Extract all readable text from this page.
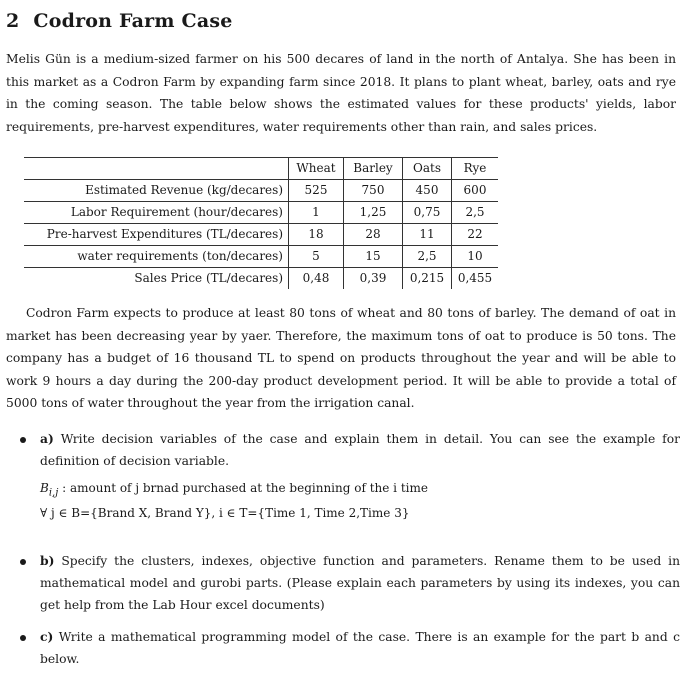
2 Codron Farm Case

Melis Gün is a medium-sized farmer on his 500 decares of land in the north of Antalya. She has been in this market as a Codron Farm by expanding farm since 2018. It plans to plant wheat, barley, oats and rye in the coming season. The table below shows the estimated values for these products' yields, labor requirements, pre-harvest expenditures, water requirements other than rain, and sales prices.

	Wheat	Barley	Oats	Rye
Estimated Revenue (kg/decares)	525	750	450	600
Labor Requirement (hour/decares)	1	1,25	0,75	2,5
Pre-harvest Expenditures (TL/decares)	18	28	11	22
water requirements (ton/decares)	5	15	2,5	10
Sales Price (TL/decares)	0,48	0,39	0,215	0,455

Codron Farm expects to produce at least 80 tons of wheat and 80 tons of barley. The demand of oat in market has been decreasing year by yaer. Therefore, the maximum tons of oat to produce is 50 tons. The company has a budget of 16 thousand TL to spend on products throughout the year and will be able to work 9 hours a day during the 200-day product development period. It will be able to provide a total of 5000 tons of water throughout the year from the irrigation canal.

a) Write decision variables of the case and explain them in detail. You can see the example for definition of decision variable.
$B_{i,j}$ : amount of j brnad purchased at the beginning of the i time
∀ j ∈ B={Brand X, Brand Y}, i ∈ T={Time 1, Time 2,Time 3}
b) Specify the clusters, indexes, objective function and parameters. Rename them to be used in mathematical model and gurobi parts. (Please explain each parameters by using its indexes, you can get help from the Lab Hour excel documents)
c) Write a mathematical programming model of the case. There is an example for the part b and c below.
